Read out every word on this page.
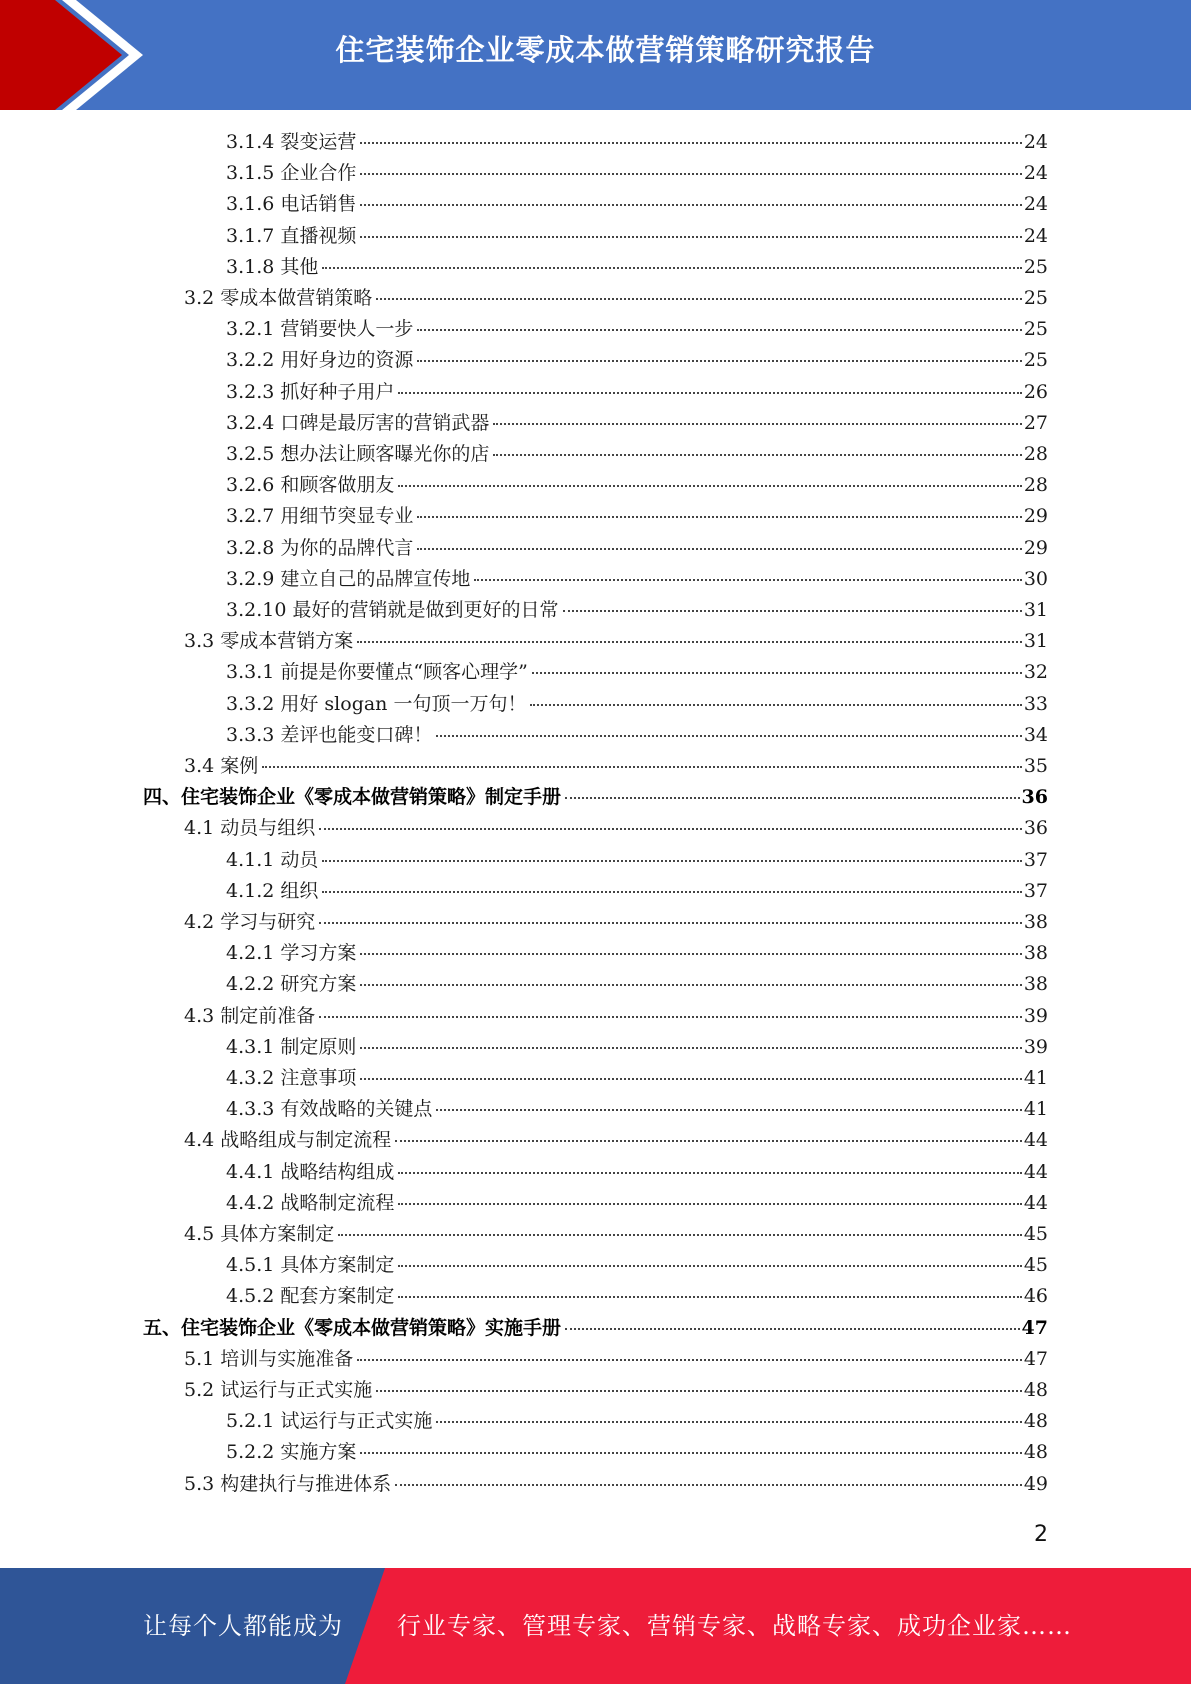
住宅装饰企业零成本做营销策略研究报告
3.1.4 裂变运营	24
3.1.5 企业合作	24
3.1.6 电话销售	24
3.1.7 直播视频	24
3.1.8 其他	25
3.2 零成本做营销策略	25
3.2.1 营销要快人一步	25
3.2.2 用好身边的资源	25
3.2.3 抓好种子用户	26
3.2.4 口碑是最厉害的营销武器	27
3.2.5 想办法让顾客曝光你的店	28
3.2.6 和顾客做朋友	28
3.2.7 用细节突显专业	29
3.2.8 为你的品牌代言	29
3.2.9 建立自己的品牌宣传地	30
3.2.10 最好的营销就是做到更好的日常	31
3.3 零成本营销方案	31
3.3.1 前提是你要懂点“顾客心理学”	32
3.3.2 用好 slogan 一句顶一万句！	33
3.3.3 差评也能变口碑！	34
3.4 案例	35
四、住宅装饰企业《零成本做营销策略》制定手册	36
4.1 动员与组织	36
4.1.1 动员	37
4.1.2 组织	37
4.2 学习与研究	38
4.2.1 学习方案	38
4.2.2 研究方案	38
4.3 制定前准备	39
4.3.1 制定原则	39
4.3.2 注意事项	41
4.3.3 有效战略的关键点	41
4.4 战略组成与制定流程	44
4.4.1 战略结构组成	44
4.4.2 战略制定流程	44
4.5 具体方案制定	45
4.5.1 具体方案制定	45
4.5.2 配套方案制定	46
五、住宅装饰企业《零成本做营销策略》实施手册	47
5.1 培训与实施准备	47
5.2 试运行与正式实施	48
5.2.1 试运行与正式实施	48
5.2.2 实施方案	48
5.3 构建执行与推进体系	49
2
让每个人都能成为 行业专家、管理专家、营销专家、战略专家、成功企业家……
